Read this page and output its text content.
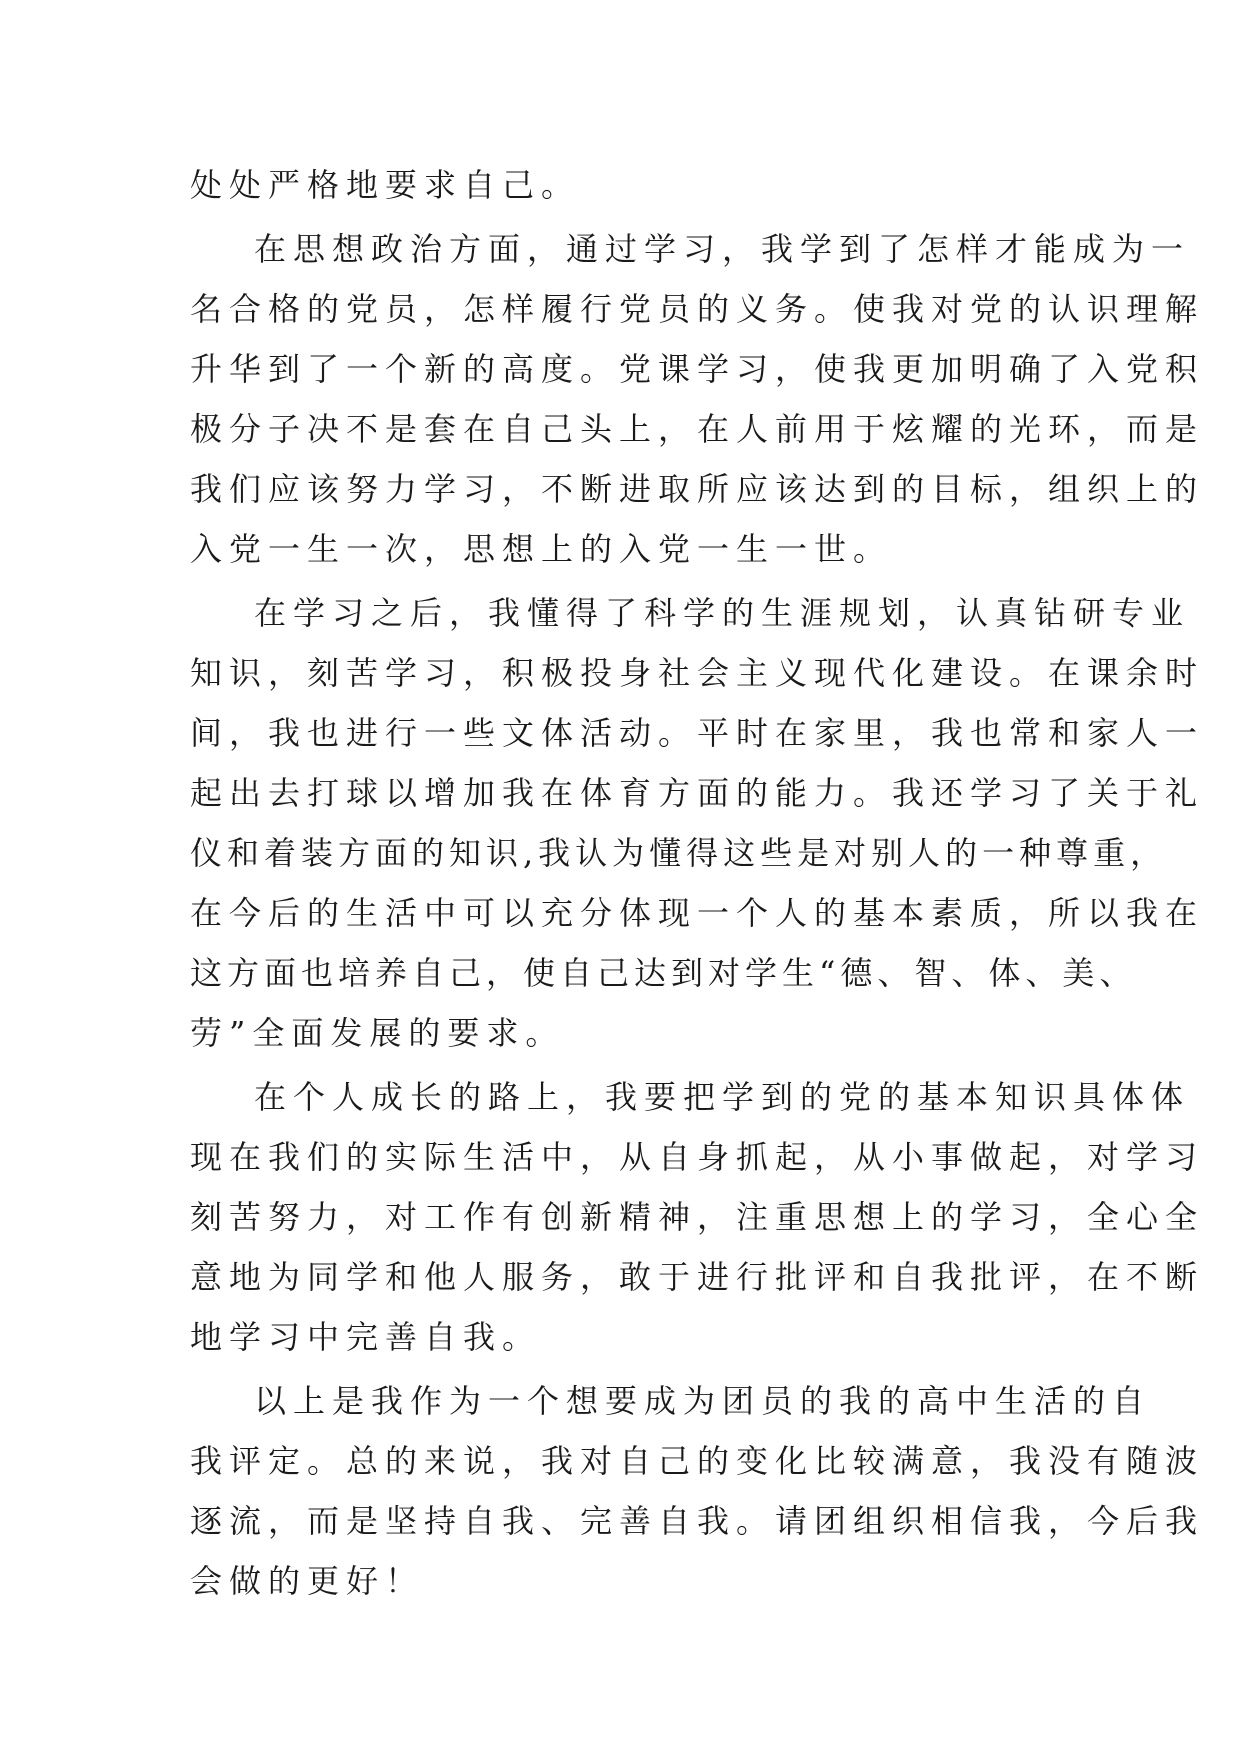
处处严格地要求自己。
在思想政治方面，通过学习，我学到了怎样才能成为一
名合格的党员，怎样履行党员的义务。使我对党的认识理解
升华到了一个新的高度。党课学习，使我更加明确了入党积
极分子决不是套在自己头上，在人前用于炫耀的光环，而是
我们应该努力学习，不断进取所应该达到的目标，组织上的
入党一生一次，思想上的入党一生一世。
在学习之后，我懂得了科学的生涯规划，认真钻研专业
知识，刻苦学习，积极投身社会主义现代化建设。在课余时
间，我也进行一些文体活动。平时在家里，我也常和家人一
起出去打球以增加我在体育方面的能力。我还学习了关于礼
仪和着装方面的知识,我认为懂得这些是对别人的一种尊重，
在今后的生活中可以充分体现一个人的基本素质，所以我在
这方面也培养自己，使自己达到对学生“德、智、体、美、
劳”全面发展的要求。
在个人成长的路上，我要把学到的党的基本知识具体体
现在我们的实际生活中，从自身抓起，从小事做起，对学习
刻苦努力，对工作有创新精神，注重思想上的学习，全心全
意地为同学和他人服务，敢于进行批评和自我批评，在不断
地学习中完善自我。
以上是我作为一个想要成为团员的我的高中生活的自
我评定。总的来说，我对自己的变化比较满意，我没有随波
逐流，而是坚持自我、完善自我。请团组织相信我，今后我
会做的更好！
